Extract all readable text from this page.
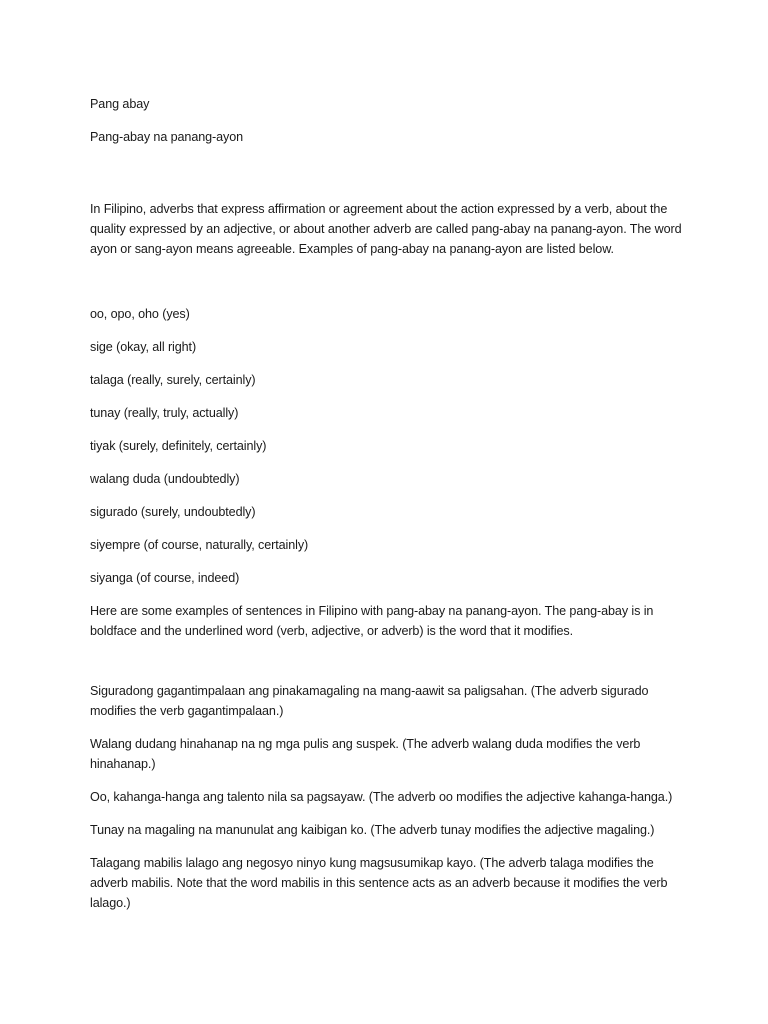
Pang abay

Pang-abay na panang-ayon

In Filipino, adverbs that express affirmation or agreement about the action expressed by a verb, about the quality expressed by an adjective, or about another adverb are called pang-abay na panang-ayon. The word ayon or sang-ayon means agreeable. Examples of pang-abay na panang-ayon are listed below.

oo, opo, oho (yes)

sige (okay, all right)

talaga (really, surely, certainly)

tunay (really, truly, actually)

tiyak (surely, definitely, certainly)

walang duda (undoubtedly)

sigurado (surely, undoubtedly)

siyempre (of course, naturally, certainly)

siyanga (of course, indeed)

Here are some examples of sentences in Filipino with pang-abay na panang-ayon. The pang-abay is in boldface and the underlined word (verb, adjective, or adverb) is the word that it modifies.

Siguradong gagantimpalaan ang pinakamagaling na mang-aawit sa paligsahan. (The adverb sigurado modifies the verb gagantimpalaan.)

Walang dudang hinahanap na ng mga pulis ang suspek. (The adverb walang duda modifies the verb hinahanap.)

Oo, kahanga-hanga ang talento nila sa pagsayaw. (The adverb oo modifies the adjective kahanga-hanga.)

Tunay na magaling na manunulat ang kaibigan ko. (The adverb tunay modifies the adjective magaling.)

Talagang mabilis lalago ang negosyo ninyo kung magsusumikap kayo. (The adverb talaga modifies the adverb mabilis. Note that the word mabilis in this sentence acts as an adverb because it modifies the verb lalago.)
